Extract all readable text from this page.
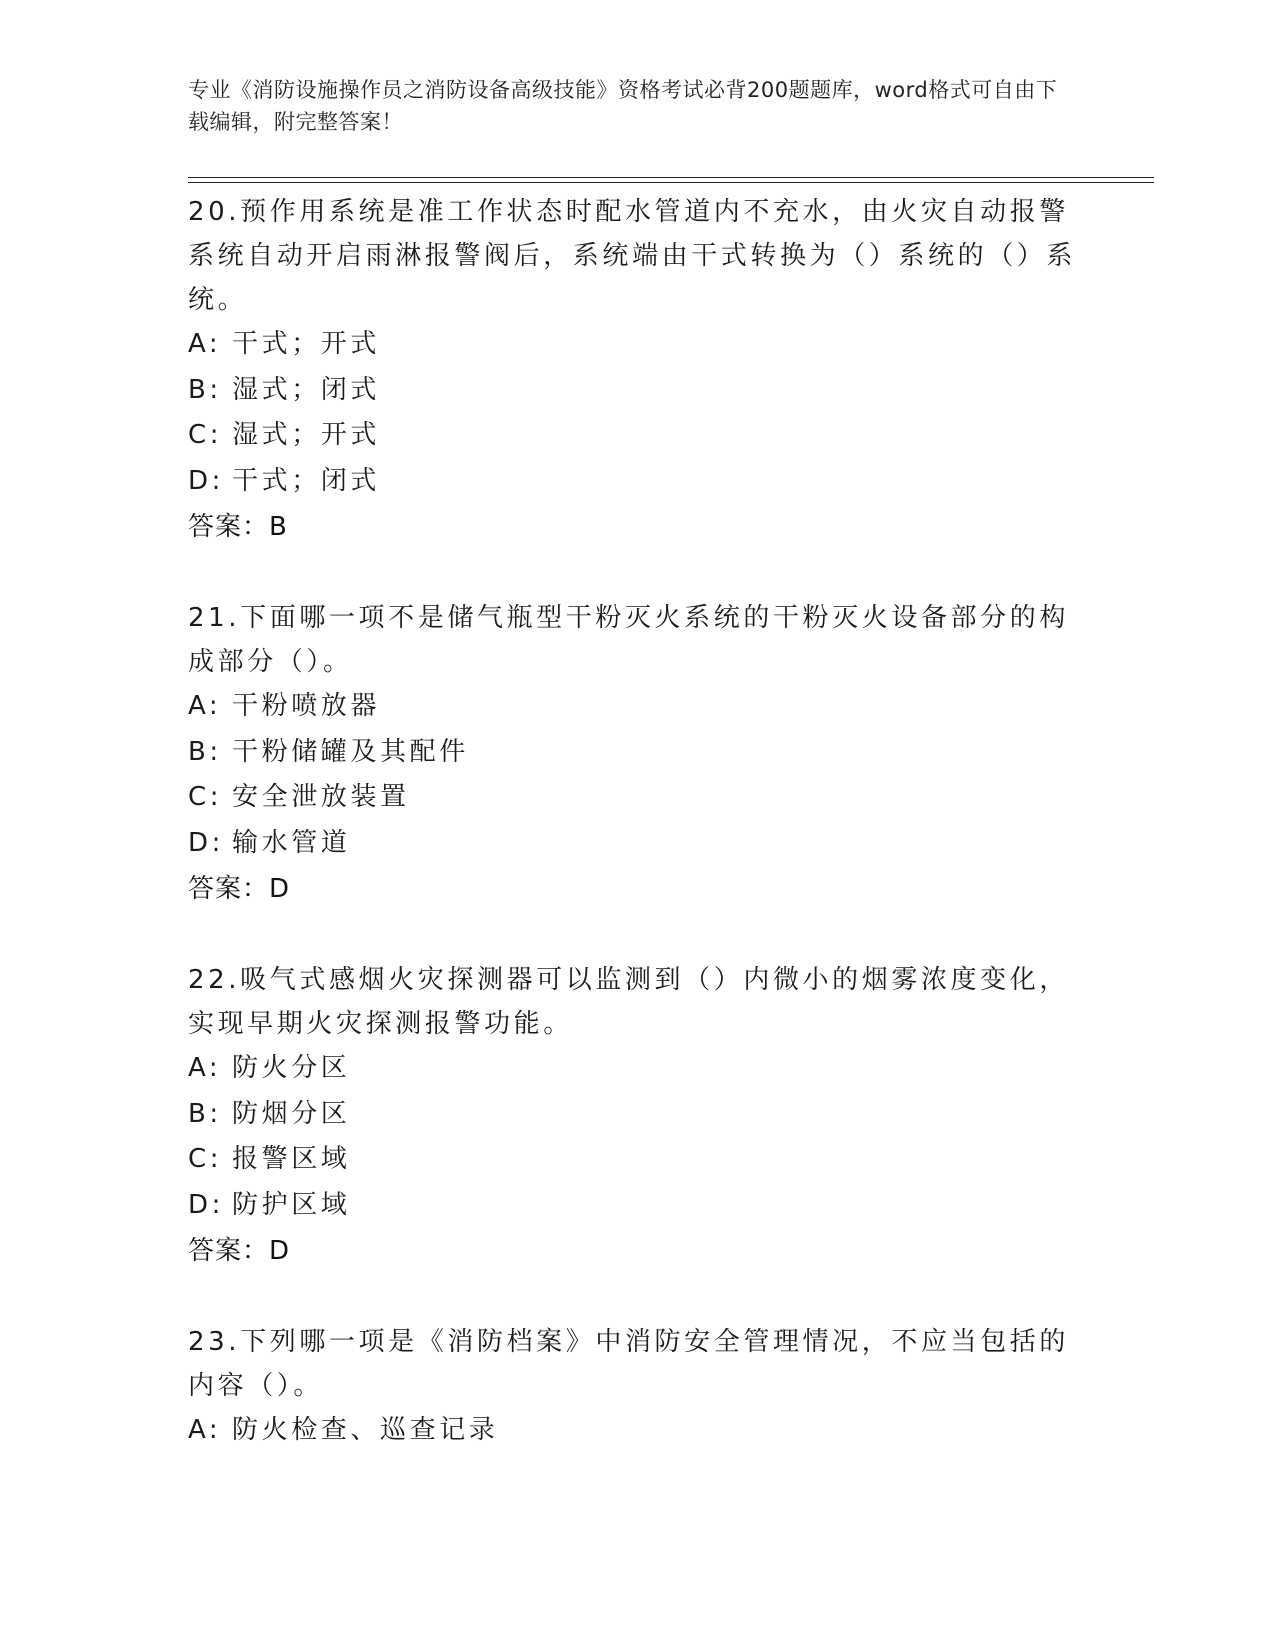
专业《消防设施操作员之消防设备高级技能》资格考试必背200题题库，word格式可自由下载编辑，附完整答案！

20.预作用系统是准工作状态时配水管道内不充水，由火灾自动报警系统自动开启雨淋报警阀后，系统端由干式转换为（）系统的（）系统。

A: 干式；开式

B: 湿式；闭式

C: 湿式；开式

D: 干式；闭式

答案：B

21.下面哪一项不是储气瓶型干粉灭火系统的干粉灭火设备部分的构成部分（）。

A: 干粉喷放器

B: 干粉储罐及其配件

C: 安全泄放装置

D: 输水管道

答案：D

22.吸气式感烟火灾探测器可以监测到（）内微小的烟雾浓度变化，实现早期火灾探测报警功能。

A: 防火分区

B: 防烟分区

C: 报警区域

D: 防护区域

答案：D

23.下列哪一项是《消防档案》中消防安全管理情况，不应当包括的内容（）。

A: 防火检查、巡查记录
